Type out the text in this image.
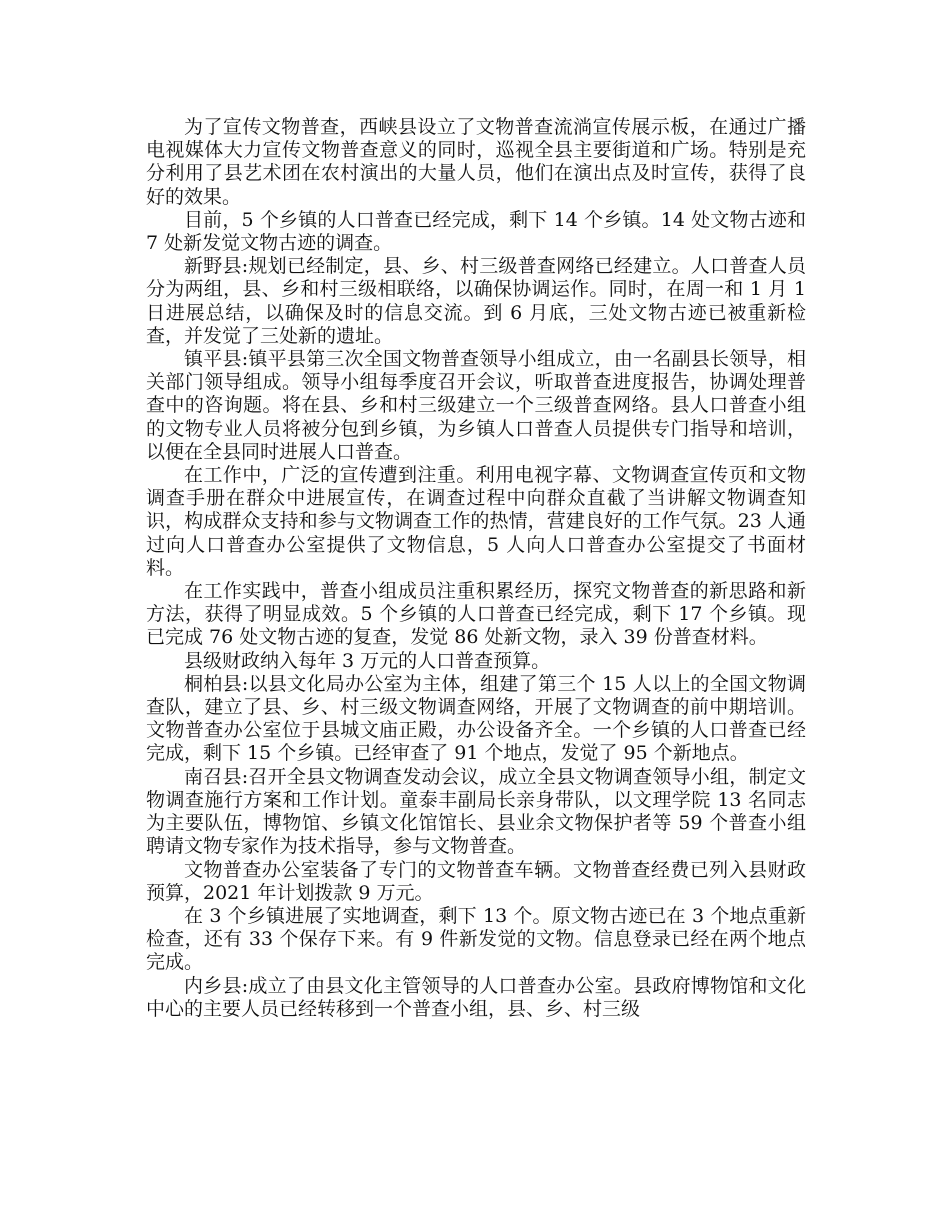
为了宣传文物普查，西峡县设立了文物普查流淌宣传展示板，在通过广播电视媒体大力宣传文物普查意义的同时，巡视全县主要街道和广场。特别是充分利用了县艺术团在农村演出的大量人员，他们在演出点及时宣传，获得了良好的效果。

目前，5 个乡镇的人口普查已经完成，剩下 14 个乡镇。14 处文物古迹和 7 处新发觉文物古迹的调查。

新野县:规划已经制定，县、乡、村三级普查网络已经建立。人口普查人员分为两组，县、乡和村三级相联络，以确保协调运作。同时，在周一和 1 月 1 日进展总结，以确保及时的信息交流。到 6 月底，三处文物古迹已被重新检查，并发觉了三处新的遗址。

镇平县:镇平县第三次全国文物普查领导小组成立，由一名副县长领导，相关部门领导组成。领导小组每季度召开会议，听取普查进度报告，协调处理普查中的咨询题。将在县、乡和村三级建立一个三级普查网络。县人口普查小组的文物专业人员将被分包到乡镇，为乡镇人口普查人员提供专门指导和培训，以便在全县同时进展人口普查。

在工作中，广泛的宣传遭到注重。利用电视字幕、文物调查宣传页和文物调查手册在群众中进展宣传，在调查过程中向群众直截了当讲解文物调查知识，构成群众支持和参与文物调查工作的热情，营建良好的工作气氛。23 人通过向人口普查办公室提供了文物信息，5 人向人口普查办公室提交了书面材料。

在工作实践中，普查小组成员注重积累经历，探究文物普查的新思路和新方法，获得了明显成效。5 个乡镇的人口普查已经完成，剩下 17 个乡镇。现已完成 76 处文物古迹的复查，发觉 86 处新文物，录入 39 份普查材料。

县级财政纳入每年 3 万元的人口普查预算。

桐柏县:以县文化局办公室为主体，组建了第三个 15 人以上的全国文物调查队，建立了县、乡、村三级文物调查网络，开展了文物调查的前中期培训。文物普查办公室位于县城文庙正殿，办公设备齐全。一个乡镇的人口普查已经完成，剩下 15 个乡镇。已经审查了 91 个地点，发觉了 95 个新地点。

南召县:召开全县文物调查发动会议，成立全县文物调查领导小组，制定文物调查施行方案和工作计划。童泰丰副局长亲身带队，以文理学院 13 名同志为主要队伍，博物馆、乡镇文化馆馆长、县业余文物保护者等 59 个普查小组聘请文物专家作为技术指导，参与文物普查。

文物普查办公室装备了专门的文物普查车辆。文物普查经费已列入县财政预算，2021 年计划拨款 9 万元。

在 3 个乡镇进展了实地调查，剩下 13 个。原文物古迹已在 3 个地点重新检查，还有 33 个保存下来。有 9 件新发觉的文物。信息登录已经在两个地点完成。

内乡县:成立了由县文化主管领导的人口普查办公室。县政府博物馆和文化中心的主要人员已经转移到一个普查小组，县、乡、村三级
